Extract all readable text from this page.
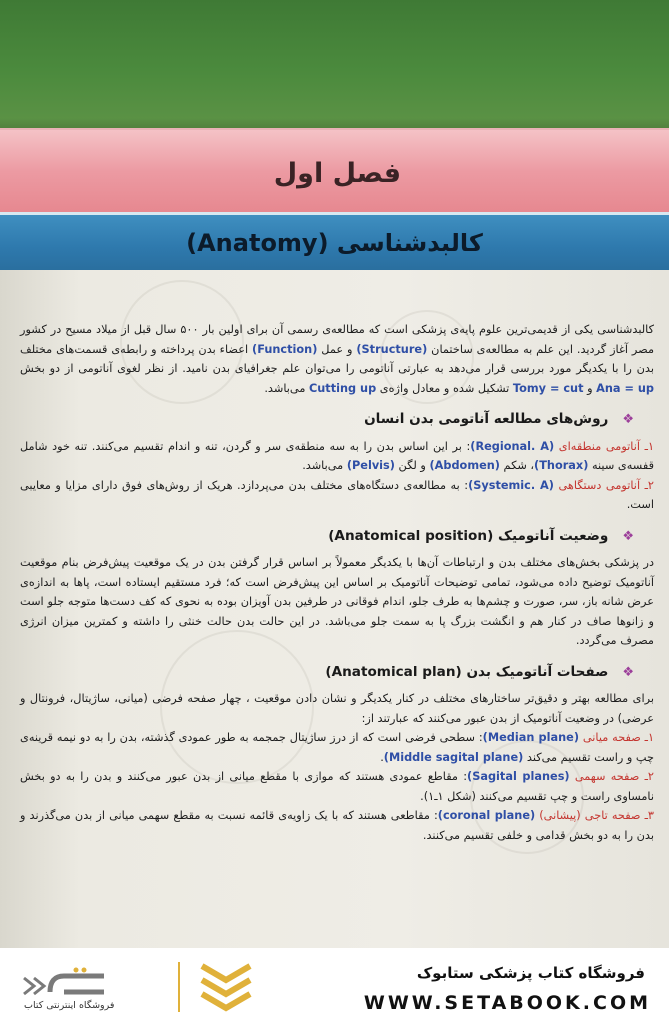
فصل اول
کالبدشناسی (Anatomy)

کالبدشناسی یکی از قدیمی‌ترین علوم پایه‌ی پزشکی است که مطالعه‌ی رسمی آن برای اولین بار ۵۰۰ سال قبل از میلاد مسیح در کشور مصر آغاز گردید. این علم به مطالعه‌ی ساختمان (Structure) و عمل (Function) اعضاء بدن پرداخته و رابطه‌ی قسمت‌های مختلف بدن را با یکدیگر مورد بررسی قرار می‌دهد به عبارتی آناتومی را می‌توان علم جغرافیای بدن نامید. از نظر لغوی آناتومی از دو بخش Ana = up و Tomy = cut تشکیل شده و معادل واژه‌ی Cutting up می‌باشد.

❖روش‌های مطالعه آناتومی بدن انسان

۱ـ آناتومی منطقه‌ای (Regional. A): بر این اساس بدن را به سه منطقه‌ی سر و گردن، تنه و اندام تقسیم می‌کنند. تنه خود شامل قفسه‌ی سینه (Thorax)، شکم (Abdomen) و لگن (Pelvis) می‌باشد.

۲ـ آناتومی دستگاهی (Systemic. A): به مطالعه‌ی دستگاه‌های مختلف بدن می‌پردازد. هریک از روش‌های فوق دارای مزایا و معایبی است.

❖وضعیت آناتومیک (Anatomical position)

در پزشکی بخش‌های مختلف بدن و ارتباطات آن‌ها با یکدیگر معمولاً بر اساس قرار گرفتن بدن در یک موقعیت پیش‌فرض بنام موقعیت آناتومیک توضیح داده می‌شود، تمامی توضیحات آناتومیک بر اساس این پیش‌فرض است که؛ فرد مستقیم ایستاده است، پاها به اندازه‌ی عرض شانه باز، سر، صورت و چشم‌ها به طرف جلو، اندام فوقانی در طرفین بدن آویزان بوده به نحوی که کف دست‌ها متوجه جلو است و زانوها صاف در کنار هم و انگشت بزرگ پا به سمت جلو می‌باشد. در این حالت بدن حالت خنثی را داشته و کمترین میزان انرژی مصرف می‌گردد.

❖صفحات آناتومیک بدن (Anatomical plan)

برای مطالعه بهتر و دقیق‌تر ساختارهای مختلف در کنار یکدیگر و نشان دادن موقعیت ، چهار صفحه فرضی (میانی، ساژیتال، فرونتال و عرضی) در وضعیت آناتومیک از بدن عبور می‌کنند که عبارتند از:

۱ـ صفحه میانی (Median plane): سطحی فرضی است که از درز ساژیتال جمجمه به طور عمودی گذشته، بدن را به دو نیمه قرینه‌ی چپ و راست تقسیم می‌کند (Middle sagital plane).

۲ـ صفحه سهمی (Sagital planes): مقاطع عمودی هستند که موازی با مقطع میانی از بدن عبور می‌کنند و بدن را به دو بخش نامساوی راست و چپ تقسیم می‌کنند (شکل ۱ـ۱).

۳ـ صفحه تاجی (پیشانی) (coronal plane): مقاطعی هستند که با یک زاویه‌ی قائمه نسبت به مقطع سهمی میانی از بدن می‌گذرند و بدن را به دو بخش قدامی و خلفی تقسیم می‌کنند.

فروشگاه اینترنتی کتاب

فروشگاه کتاب پزشکی ستابوک

WWW.SETABOOK.COM
